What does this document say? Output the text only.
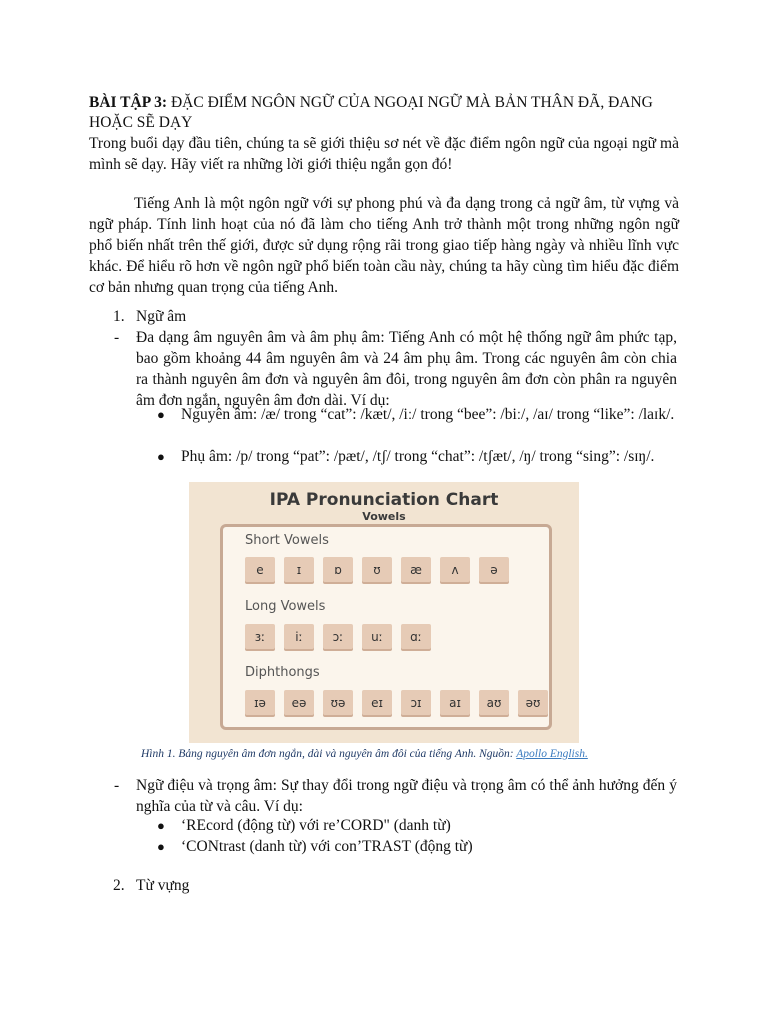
BÀI TẬP 3: ĐẶC ĐIỂM NGÔN NGỮ CỦA NGOẠI NGỮ MÀ BẢN THÂN ĐÃ, ĐANG HOẶC SẼ DẠY
Trong buổi dạy đầu tiên, chúng ta sẽ giới thiệu sơ nét về đặc điểm ngôn ngữ của ngoại ngữ mà mình sẽ dạy. Hãy viết ra những lời giới thiệu ngắn gọn đó!
Tiếng Anh là một ngôn ngữ với sự phong phú và đa dạng trong cả ngữ âm, từ vựng và ngữ pháp. Tính linh hoạt của nó đã làm cho tiếng Anh trở thành một trong những ngôn ngữ phổ biến nhất trên thế giới, được sử dụng rộng rãi trong giao tiếp hàng ngày và nhiều lĩnh vực khác. Để hiểu rõ hơn về ngôn ngữ phổ biến toàn cầu này, chúng ta hãy cùng tìm hiểu đặc điểm cơ bản nhưng quan trọng của tiếng Anh.
1. Ngữ âm
- Đa dạng âm nguyên âm và âm phụ âm: Tiếng Anh có một hệ thống ngữ âm phức tạp, bao gồm khoảng 44 âm nguyên âm và 24 âm phụ âm. Trong các nguyên âm còn chia ra thành nguyên âm đơn và nguyên âm đôi, trong nguyên âm đơn còn phân ra nguyên âm đơn ngắn, nguyên âm đơn dài. Ví dụ:
● Nguyên âm: /æ/ trong “cat”: /kæt/, /iː/ trong “bee”: /biː/, /aɪ/ trong “like”: /laɪk/.
● Phụ âm: /p/ trong “pat”: /pæt/, /tʃ/ trong “chat”: /tʃæt/, /ŋ/ trong “sing”: /sɪŋ/.
IPA Pronunciation Chart
Vowels
Short Vowels
e	ɪ	ɒ	ʊ	æ	ʌ	ə
Long Vowels
ɜː	iː	ɔː	uː	ɑː
Diphthongs
ɪə	eə	ʊə	eɪ	ɔɪ	aɪ	aʊ	əʊ
Hình 1. Bảng nguyên âm đơn ngắn, dài và nguyên âm đôi của tiếng Anh. Nguồn: Apollo English.
- Ngữ điệu và trọng âm: Sự thay đổi trong ngữ điệu và trọng âm có thể ảnh hưởng đến ý nghĩa của từ và câu. Ví dụ:
● ‘REcord (động từ) với re’CORD" (danh từ)
● ‘CONtrast (danh từ) với con’TRAST (động từ)
2. Từ vựng
